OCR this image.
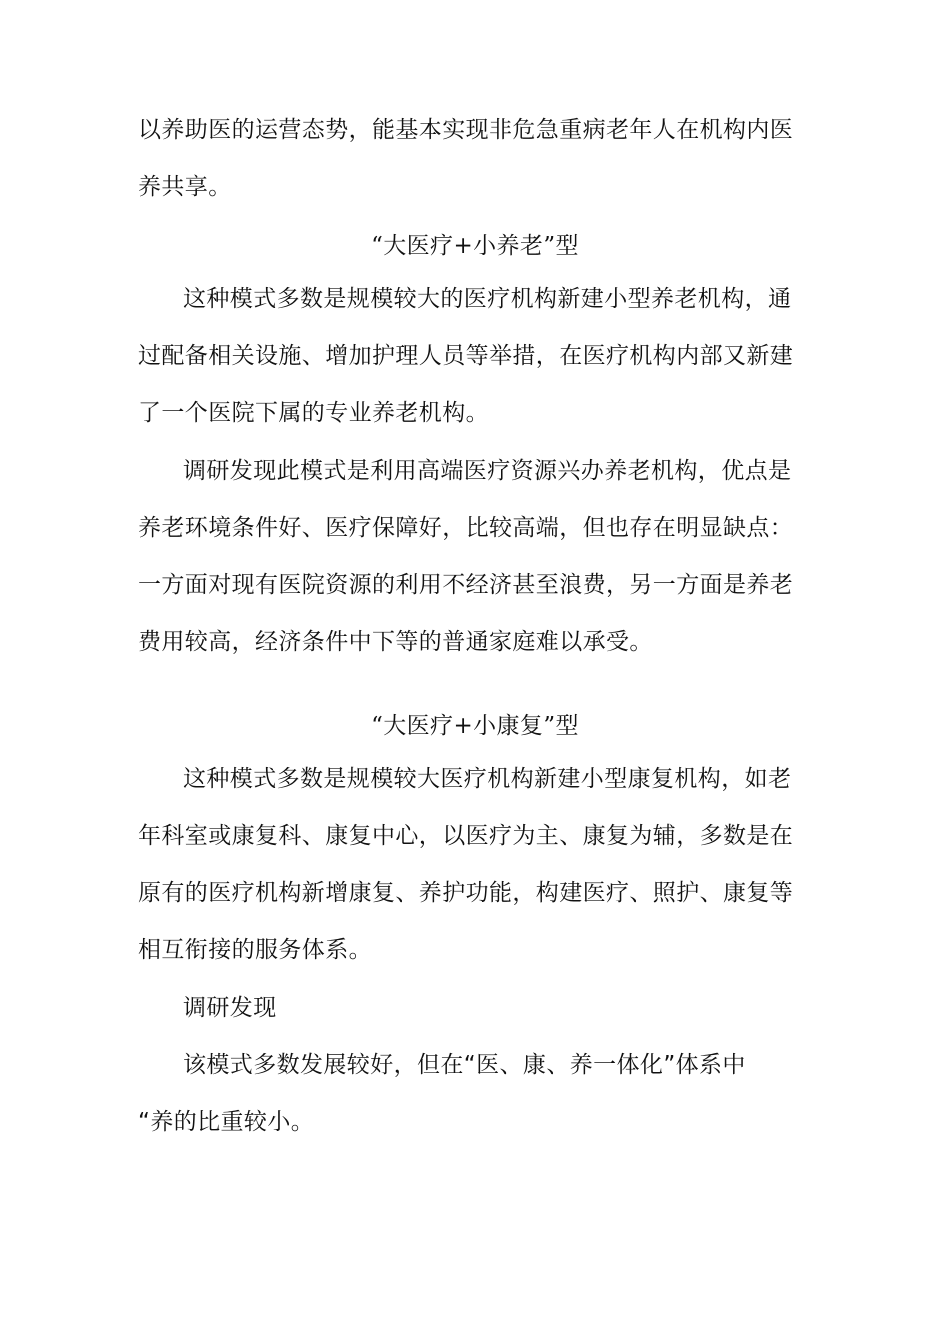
以养助医的运营态势，能基本实现非危急重病老年人在机构内医
养共享。
“大医疗+小养老”型
这种模式多数是规模较大的医疗机构新建小型养老机构，通
过配备相关设施、增加护理人员等举措，在医疗机构内部又新建
了一个医院下属的专业养老机构。
调研发现此模式是利用高端医疗资源兴办养老机构，优点是
养老环境条件好、医疗保障好，比较高端，但也存在明显缺点：
一方面对现有医院资源的利用不经济甚至浪费，另一方面是养老
费用较高，经济条件中下等的普通家庭难以承受。
“大医疗+小康复”型
这种模式多数是规模较大医疗机构新建小型康复机构，如老
年科室或康复科、康复中心，以医疗为主、康复为辅，多数是在
原有的医疗机构新增康复、养护功能，构建医疗、照护、康复等
相互衔接的服务体系。
调研发现
该模式多数发展较好，但在“医、康、养一体化”体系中
“养的比重较小。
